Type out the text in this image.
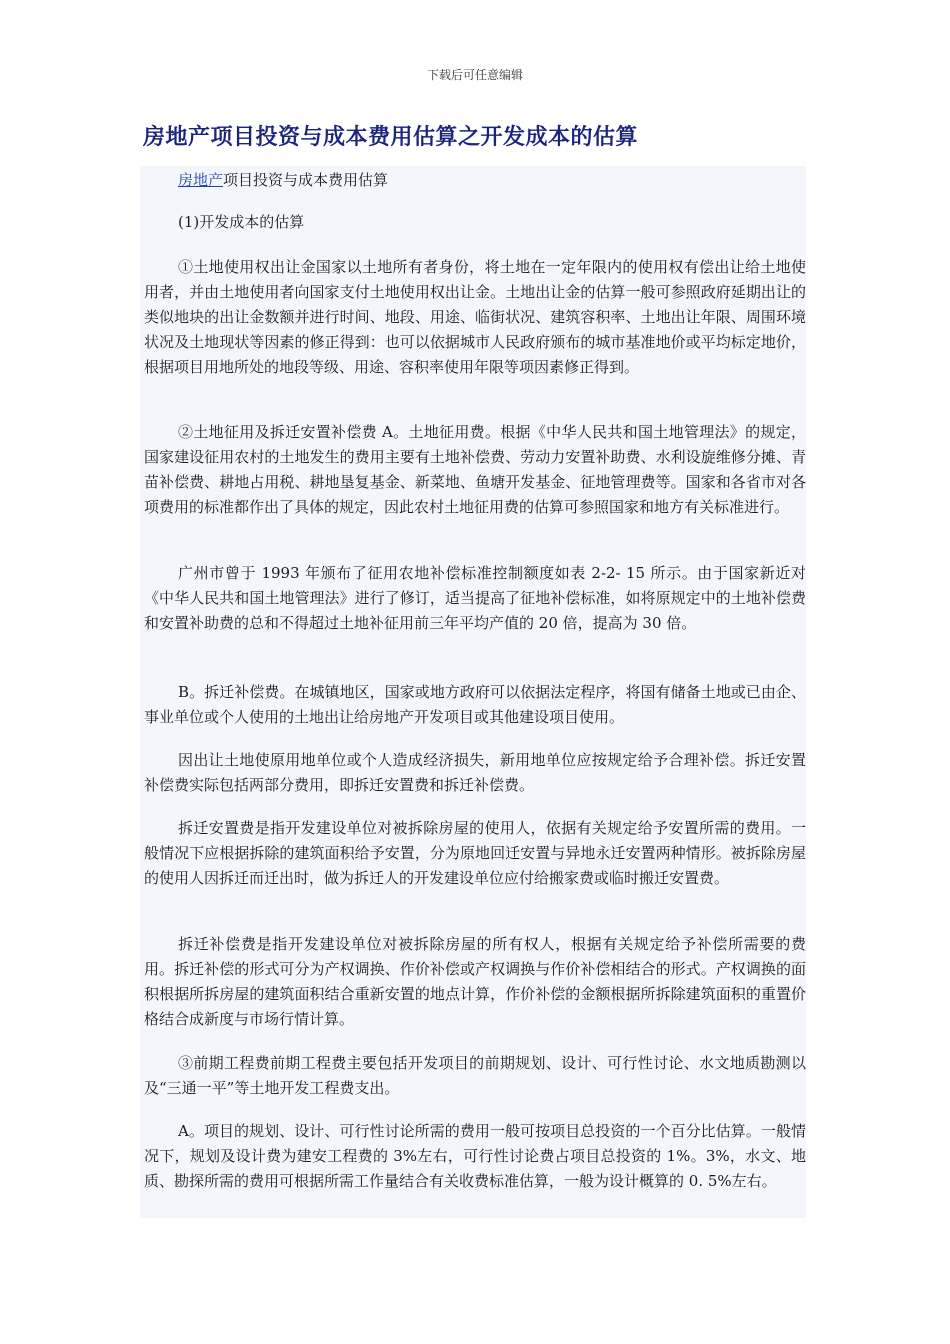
下载后可任意编辑
房地产项目投资与成本费用估算之开发成本的估算

房地产项目投资与成本费用估算

(1)开发成本的估算

①土地使用权出让金国家以土地所有者身份，将土地在一定年限内的使用权有偿出让给土地使用者，并由土地使用者向国家支付土地使用权出让金。土地出让金的估算一般可参照政府延期出让的类似地块的出让金数额并进行时间、地段、用途、临街状况、建筑容积率、土地出让年限、周围环境状况及土地现状等因素的修正得到：也可以依据城市人民政府颁布的城市基准地价或平均标定地价，根据项目用地所处的地段等级、用途、容积率使用年限等项因素修正得到。

②土地征用及拆迁安置补偿费 A。土地征用费。根据《中华人民共和国土地管理法》的规定，国家建设征用农村的土地发生的费用主要有土地补偿费、劳动力安置补助费、水利设旋维修分摊、青苗补偿费、耕地占用税、耕地垦复基金、新菜地、鱼塘开发基金、征地管理费等。国家和各省市对各项费用的标准都作出了具体的规定，因此农村土地征用费的估算可参照国家和地方有关标准进行。

广州市曾于 1993 年颁布了征用农地补偿标准控制额度如表 2-2- 15 所示。由于国家新近对《中华人民共和国土地管理法》进行了修订，适当提高了征地补偿标准，如将原规定中的土地补偿费和安置补助费的总和不得超过土地补征用前三年平均产值的 20 倍，提高为 30 倍。

B。拆迁补偿费。在城镇地区，国家或地方政府可以依据法定程序，将国有储备土地或已由企、事业单位或个人使用的土地出让给房地产开发项目或其他建设项目使用。

因出让土地使原用地单位或个人造成经济损失，新用地单位应按规定给予合理补偿。拆迁安置补偿费实际包括两部分费用，即拆迁安置费和拆迁补偿费。

拆迁安置费是指开发建设单位对被拆除房屋的使用人，依据有关规定给予安置所需的费用。一般情况下应根据拆除的建筑面积给予安置，分为原地回迁安置与异地永迁安置两种情形。被拆除房屋的使用人因拆迁而迁出时，做为拆迁人的开发建设单位应付给搬家费或临时搬迁安置费。

拆迁补偿费是指开发建设单位对被拆除房屋的所有权人，根据有关规定给予补偿所需要的费用。拆迁补偿的形式可分为产权调换、作价补偿或产权调换与作价补偿相结合的形式。产权调换的面积根据所拆房屋的建筑面积结合重新安置的地点计算，作价补偿的金额根据所拆除建筑面积的重置价格结合成新度与市场行情计算。

③前期工程费前期工程费主要包括开发项目的前期规划、设计、可行性讨论、水文地质勘测以及“三通一平”等土地开发工程费支出。

A。项目的规划、设计、可行性讨论所需的费用一般可按项目总投资的一个百分比估算。一般情况下，规划及设计费为建安工程费的 3%左右，可行性讨论费占项目总投资的 1%。3%，水文、地质、勘探所需的费用可根据所需工作量结合有关收费标准估算，一般为设计概算的 0. 5%左右。
